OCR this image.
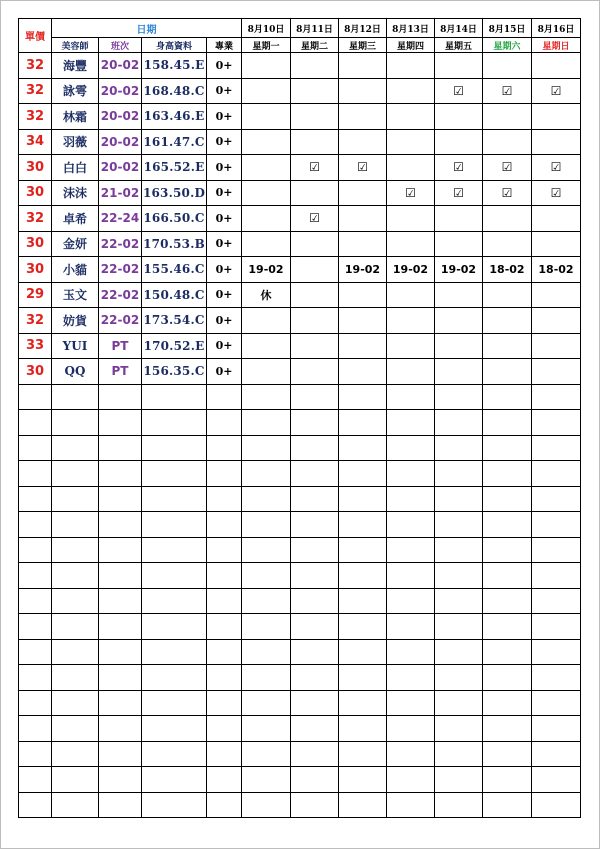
單價	日期				8月10日	8月11日	8月12日	8月13日	8月14日	8月15日	8月16日
	美容師	班次	身高資料	專業	星期一	星期二	星期三	星期四	星期五	星期六	星期日
32	海豐	20-02	158.45.E	0+							
32	詠雩	20-02	168.48.C	0+					☑	☑	☑
32	林霜	20-02	163.46.E	0+							
34	羽薇	20-02	161.47.C	0+							
30	白白	20-02	165.52.E	0+		☑	☑		☑	☑	☑
30	沫沫	21-02	163.50.D	0+				☑	☑	☑	☑
32	卓希	22-24	166.50.C	0+		☑					
30	金妍	22-02	170.53.B	0+							
30	小貓	22-02	155.46.C	0+	19-02		19-02	19-02	19-02	18-02	18-02
29	玉文	22-02	150.48.C	0+	休						
32	妨貨	22-02	173.54.C	0+							
33	YUI	PT	170.52.E	0+							
30	QQ	PT	156.35.C	0+							
